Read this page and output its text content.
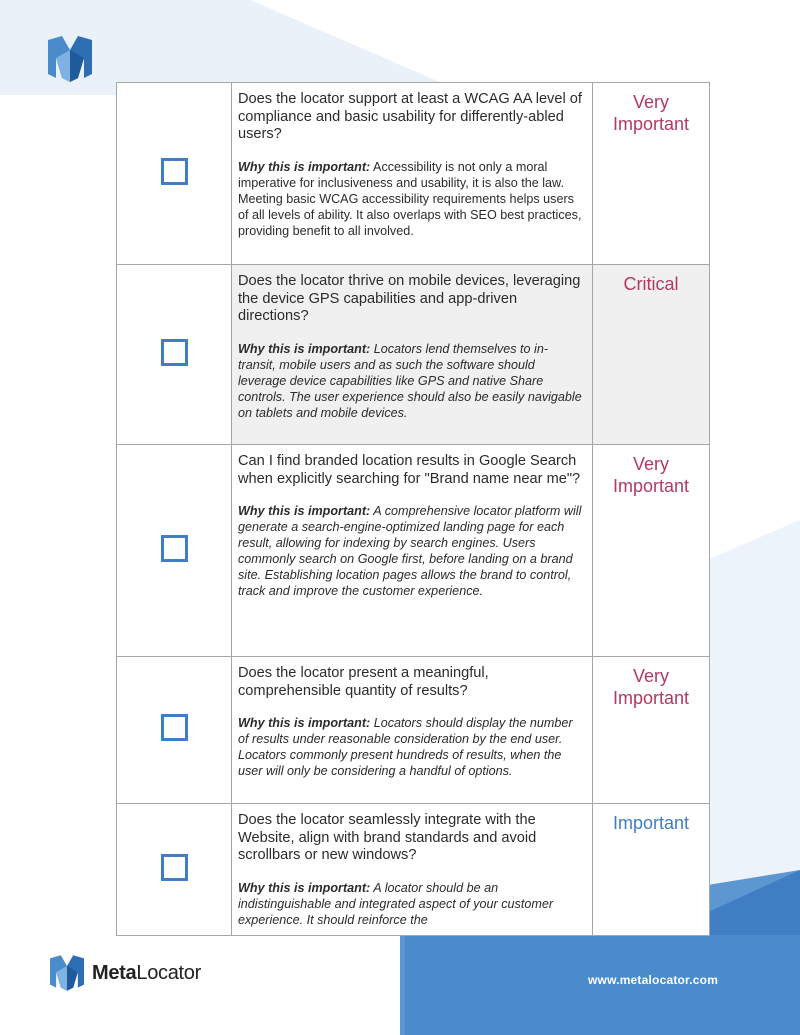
	Does the locator support at least a WCAG AA level of compliance and basic usability for differently-abled users?

Why this is important: Accessibility is not only a moral imperative for inclusiveness and usability, it is also the law. Meeting basic WCAG accessibility requirements helps users of all levels of ability. It also overlaps with SEO best practices, providing benefit to all involved.	Very Important

	Does the locator thrive on mobile devices, leveraging the device GPS capabilities and app-driven directions?

Why this is important: Locators lend themselves to in-transit, mobile users and as such the software should leverage device capabilities like GPS and native Share controls. The user experience should also be easily navigable on tablets and mobile devices.	Critical

	Can I find branded location results in Google Search when explicitly searching for "Brand name near me"?

Why this is important: A comprehensive locator platform will generate a search-engine-optimized landing page for each result, allowing for indexing by search engines. Users commonly search on Google first, before landing on a brand site. Establishing location pages allows the brand to control, track and improve the customer experience.	Very Important

	Does the locator present a meaningful, comprehensible quantity of results?

Why this is important: Locators should display the number of results under reasonable consideration by the end user. Locators commonly present hundreds of results, when the user will only be considering a handful of options.	Very Important

	Does the locator seamlessly integrate with the Website, align with brand standards and avoid scrollbars or new windows?

Why this is important: A locator should be an indistinguishable and integrated aspect of your customer experience. It should reinforce the	Important
MetaLocator	www.metalocator.com
